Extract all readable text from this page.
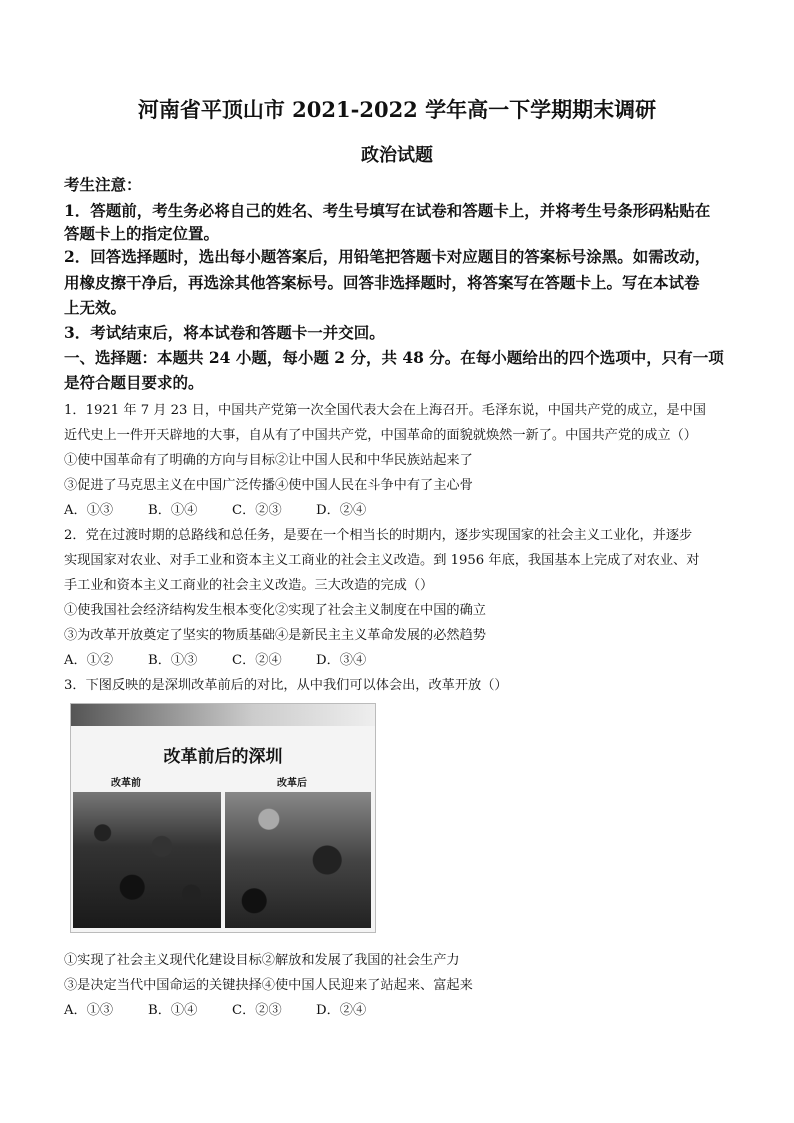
河南省平顶山市 2021-2022 学年高一下学期期末调研
政治试题
考生注意：
1．答题前，考生务必将自己的姓名、考生号填写在试卷和答题卡上，并将考生号条形码粘贴在
答题卡上的指定位置。
2．回答选择题时，选出每小题答案后，用铅笔把答题卡对应题目的答案标号涂黑。如需改动，
用橡皮擦干净后，再选涂其他答案标号。回答非选择题时，将答案写在答题卡上。写在本试卷
上无效。
3．考试结束后，将本试卷和答题卡一并交回。
一、选择题：本题共 24 小题，每小题 2 分，共 48 分。在每小题给出的四个选项中，只有一项
是符合题目要求的。
1．1921 年 7 月 23 日，中国共产党第一次全国代表大会在上海召开。毛泽东说，中国共产党的成立，是中国
近代史上一件开天辟地的大事，自从有了中国共产党，中国革命的面貌就焕然一新了。中国共产党的成立（）
①使中国革命有了明确的方向与目标②让中国人民和中华民族站起来了
③促进了马克思主义在中国广泛传播④使中国人民在斗争中有了主心骨
A．①③	B．①④	C．②③	D．②④
2．党在过渡时期的总路线和总任务，是要在一个相当长的时期内，逐步实现国家的社会主义工业化，并逐步
实现国家对农业、对手工业和资本主义工商业的社会主义改造。到 1956 年底，我国基本上完成了对农业、对
手工业和资本主义工商业的社会主义改造。三大改造的完成（）
①使我国社会经济结构发生根本变化②实现了社会主义制度在中国的确立
③为改革开放奠定了坚实的物质基础④是新民主主义革命发展的必然趋势
A．①②	B．①③	C．②④	D．③④
3．下图反映的是深圳改革前后的对比，从中我们可以体会出，改革开放（）
改革前后的深圳
改革前	改革后
①实现了社会主义现代化建设目标②解放和发展了我国的社会生产力
③是决定当代中国命运的关键抉择④使中国人民迎来了站起来、富起来
A．①③	B．①④	C．②③	D．②④
